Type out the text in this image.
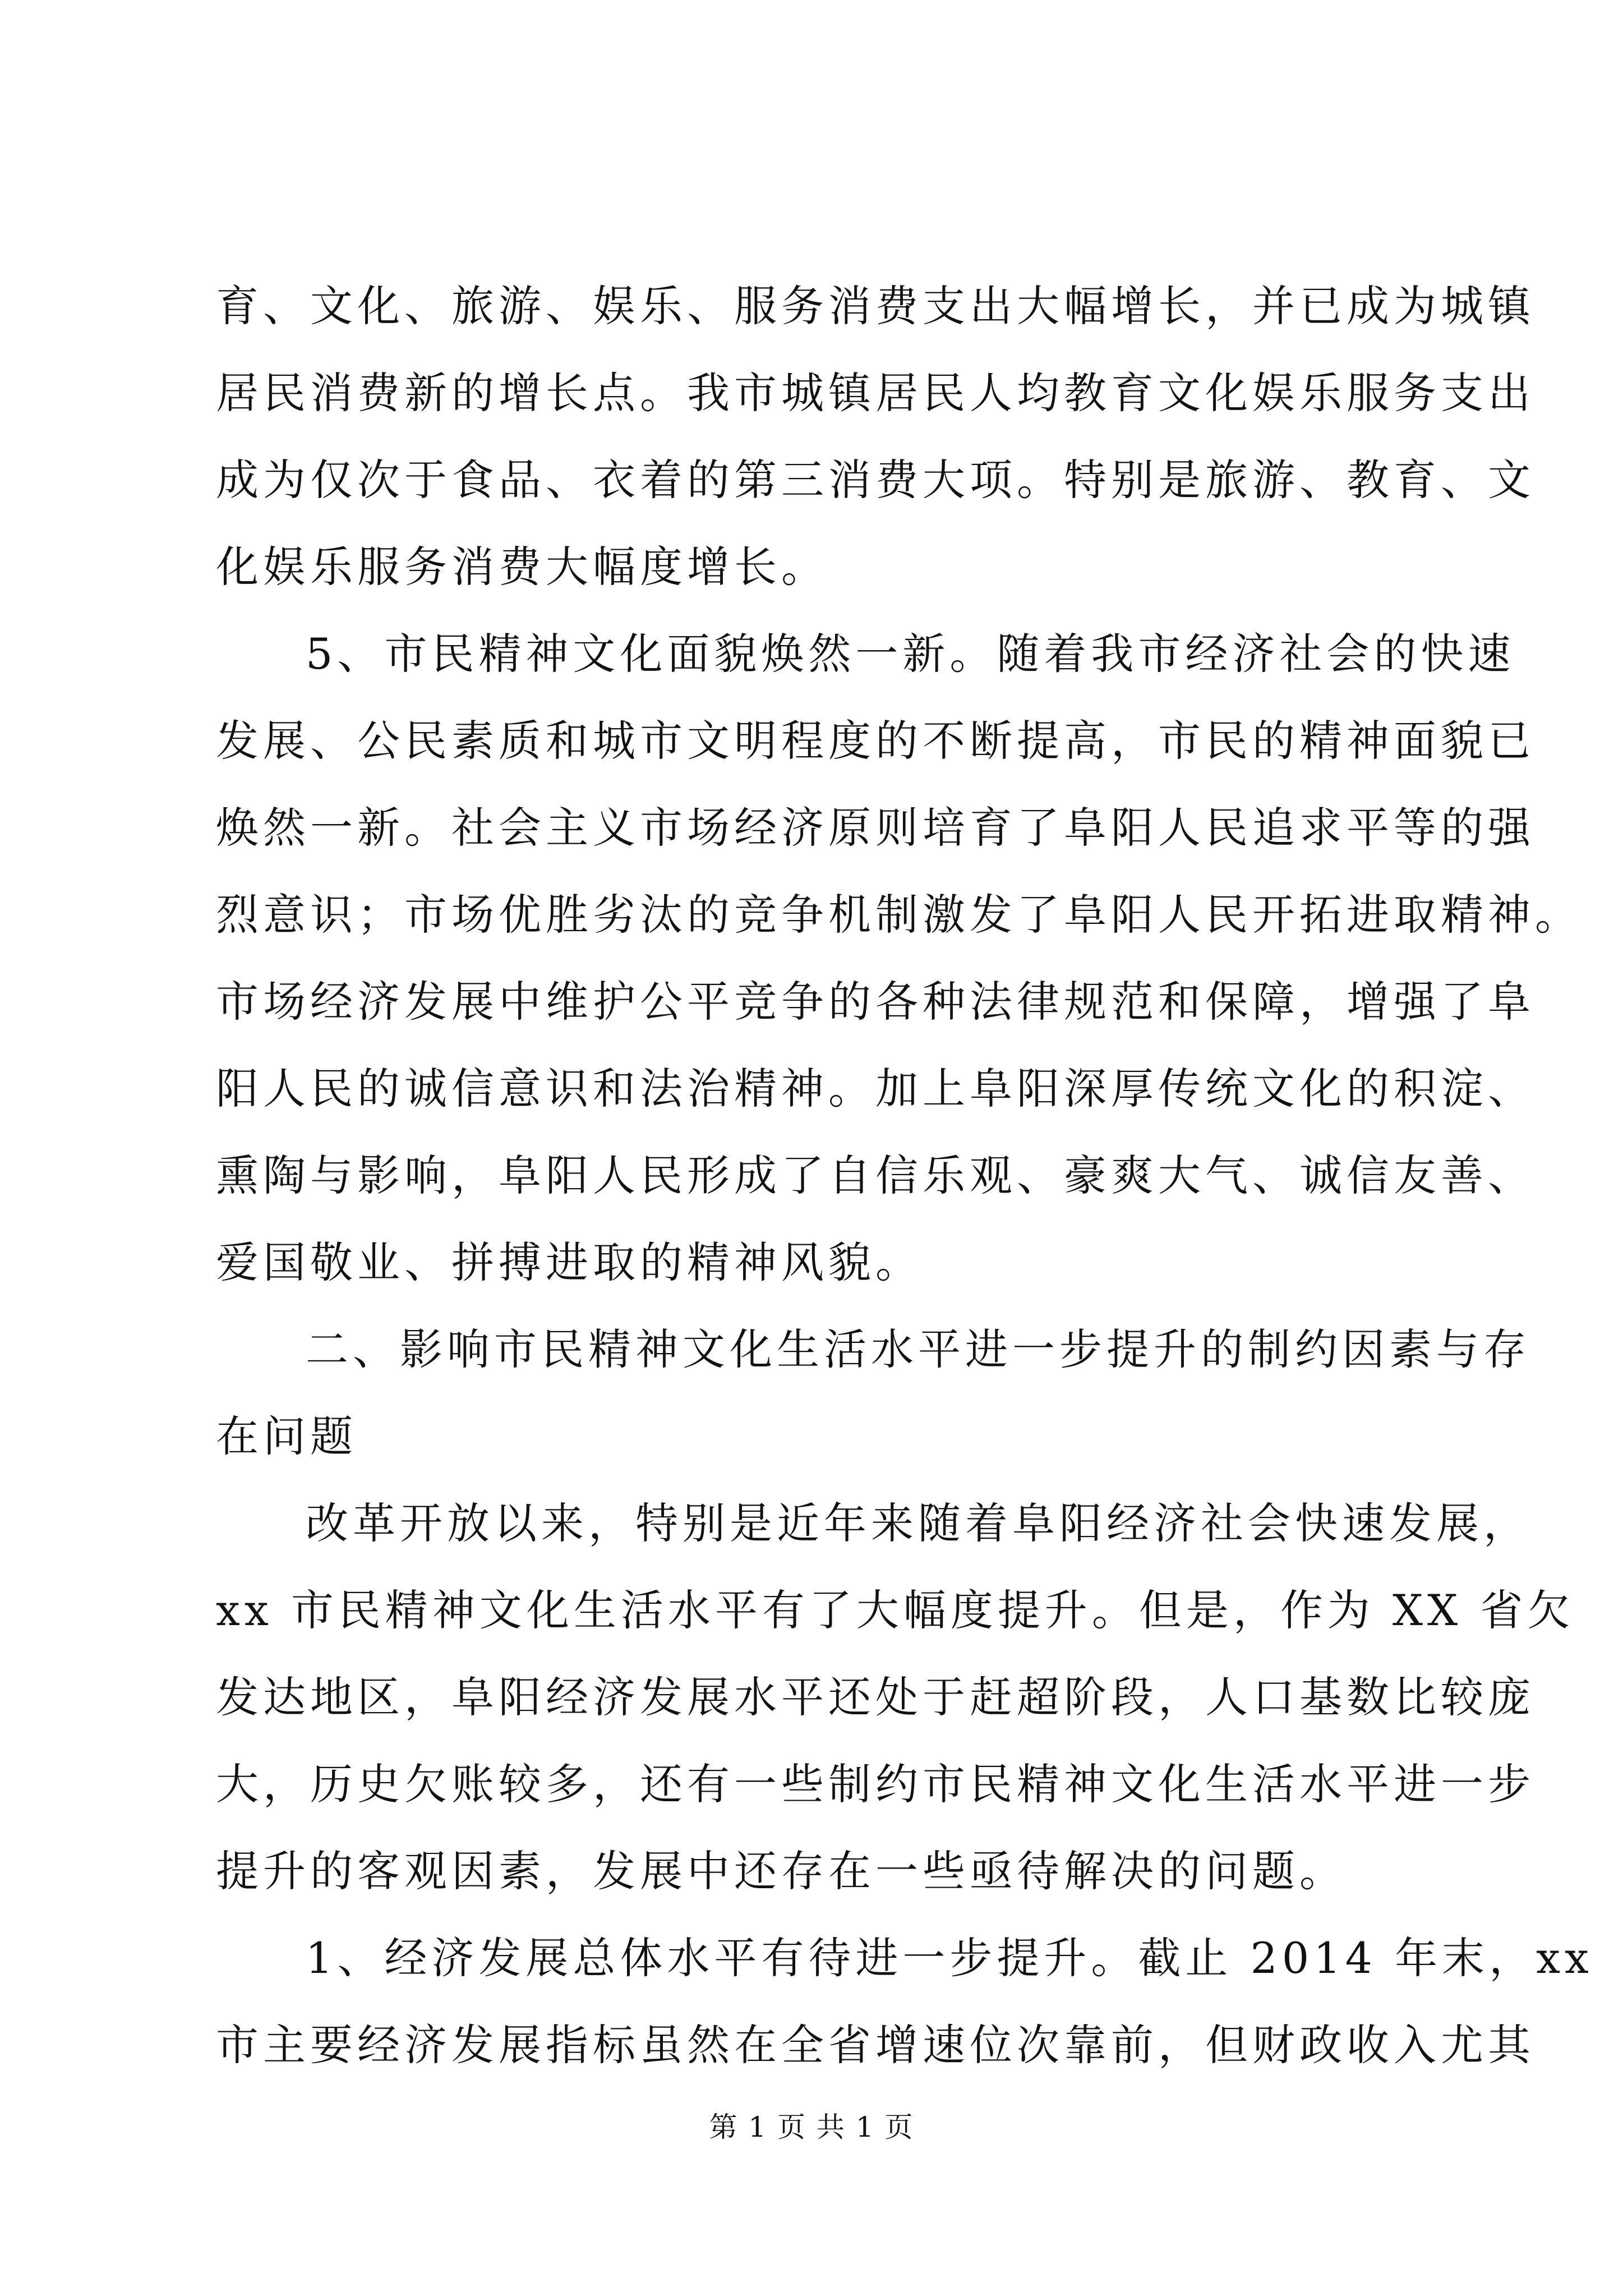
育、文化、旅游、娱乐、服务消费支出大幅增长，并已成为城镇
居民消费新的增长点。我市城镇居民人均教育文化娱乐服务支出
成为仅次于食品、衣着的第三消费大项。特别是旅游、教育、文
化娱乐服务消费大幅度增长。

5、市民精神文化面貌焕然一新。随着我市经济社会的快速
发展、公民素质和城市文明程度的不断提高，市民的精神面貌已
焕然一新。社会主义市场经济原则培育了阜阳人民追求平等的强
烈意识；市场优胜劣汰的竞争机制激发了阜阳人民开拓进取精神。
市场经济发展中维护公平竞争的各种法律规范和保障，增强了阜
阳人民的诚信意识和法治精神。加上阜阳深厚传统文化的积淀、
熏陶与影响，阜阳人民形成了自信乐观、豪爽大气、诚信友善、
爱国敬业、拼搏进取的精神风貌。

二、影响市民精神文化生活水平进一步提升的制约因素与存
在问题

改革开放以来，特别是近年来随着阜阳经济社会快速发展，
xx 市民精神文化生活水平有了大幅度提升。但是，作为 XX 省欠
发达地区，阜阳经济发展水平还处于赶超阶段，人口基数比较庞
大，历史欠账较多，还有一些制约市民精神文化生活水平进一步
提升的客观因素，发展中还存在一些亟待解决的问题。

1、经济发展总体水平有待进一步提升。截止 2014 年末，xx
市主要经济发展指标虽然在全省增速位次靠前，但财政收入尤其

第 1 页 共 1 页
